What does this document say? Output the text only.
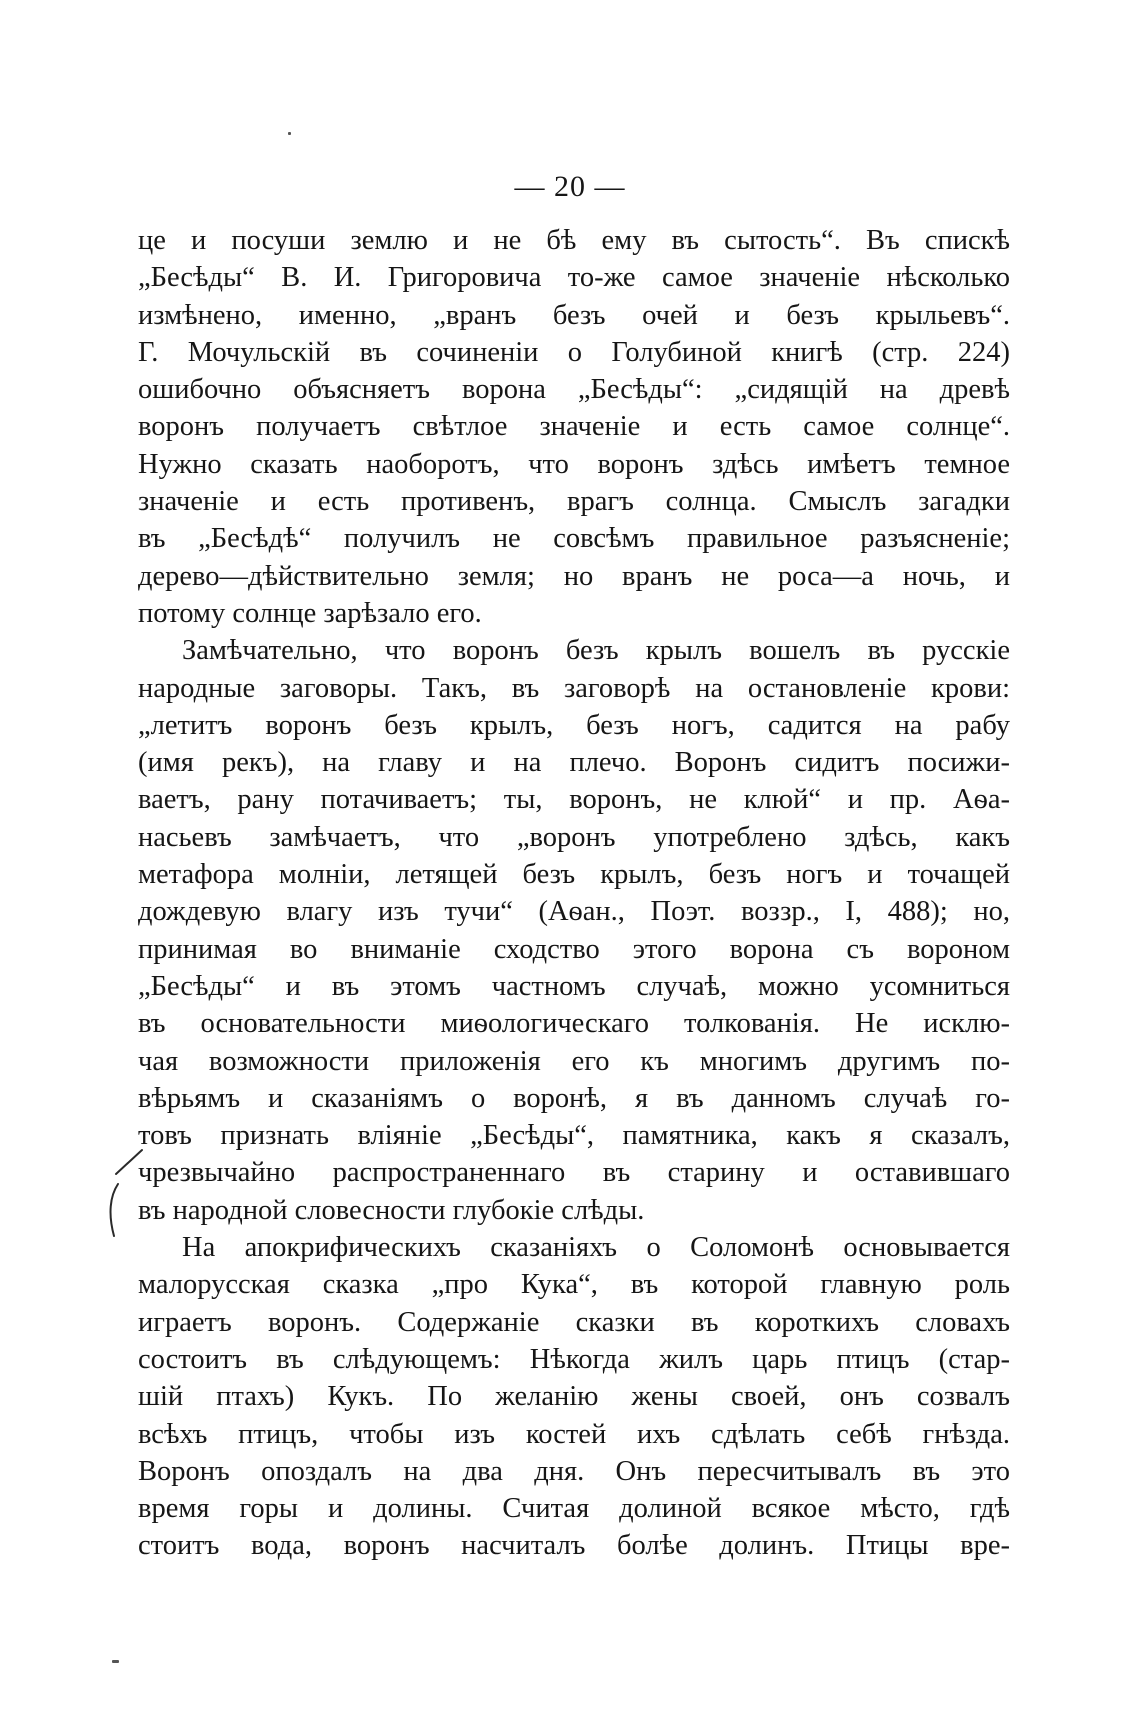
— 20 —
це и посуши землю и не бѣ ему въ сытость“. Въ спискѣ
„Бесѣды“ В. И. Григоровича то-же самое значеніе нѣсколько
измѣнено, именно, „вранъ безъ очей и безъ крыльевъ“.
Г. Мочульскій въ сочиненіи о Голубиной книгѣ (стр. 224)
ошибочно объясняетъ ворона „Бесѣды“: „сидящій на древѣ
воронъ получаетъ свѣтлое значеніе и есть самое солнце“.
Нужно сказать наоборотъ, что воронъ здѣсь имѣетъ темное
значеніе и есть противенъ, врагъ солнца. Смыслъ загадки
въ „Бесѣдѣ“ получилъ не совсѣмъ правильное разъясненіе;
дерево—дѣйствительно земля; но вранъ не роса—а ночь, и
потому солнце зарѣзало его.
Замѣчательно, что воронъ безъ крылъ вошелъ въ русскіе
народные заговоры. Такъ, въ заговорѣ на остановленіе крови:
„летитъ воронъ безъ крылъ, безъ ногъ, садится на рабу
(имя рекъ), на главу и на плечо. Воронъ сидитъ посижи-
ваетъ, рану потачиваетъ; ты, воронъ, не клюй“ и пр. Аѳа-
насьевъ замѣчаетъ, что „воронъ употреблено здѣсь, какъ
метафора молніи, летящей безъ крылъ, безъ ногъ и точащей
дождевую влагу изъ тучи“ (Аѳан., Поэт. воззр., I, 488); но,
принимая во вниманіе сходство этого ворона съ вороном
„Бесѣды“ и въ этомъ частномъ случаѣ, можно усомниться
въ основательности миѳологическаго толкованія. Не исклю-
чая возможности приложенія его къ многимъ другимъ по-
вѣрьямъ и сказаніямъ о воронѣ, я въ данномъ случаѣ го-
товъ признать вліяніе „Бесѣды“, памятника, какъ я сказалъ,
чрезвычайно распространеннаго въ старину и оставившаго
въ народной словесности глубокіе слѣды.
На апокрифическихъ сказаніяхъ о Соломонѣ основывается
малорусская сказка „про Кука“, въ которой главную роль
играетъ воронъ. Содержаніе сказки въ короткихъ словахъ
состоитъ въ слѣдующемъ: Нѣкогда жилъ царь птицъ (стар-
шій птахъ) Кукъ. По желанію жены своей, онъ созвалъ
всѣхъ птицъ, чтобы изъ костей ихъ сдѣлать себѣ гнѣзда.
Воронъ опоздалъ на два дня. Онъ пересчитывалъ въ это
время горы и долины. Считая долиной всякое мѣсто, гдѣ
стоитъ вода, воронъ насчиталъ болѣе долинъ. Птицы вре-
